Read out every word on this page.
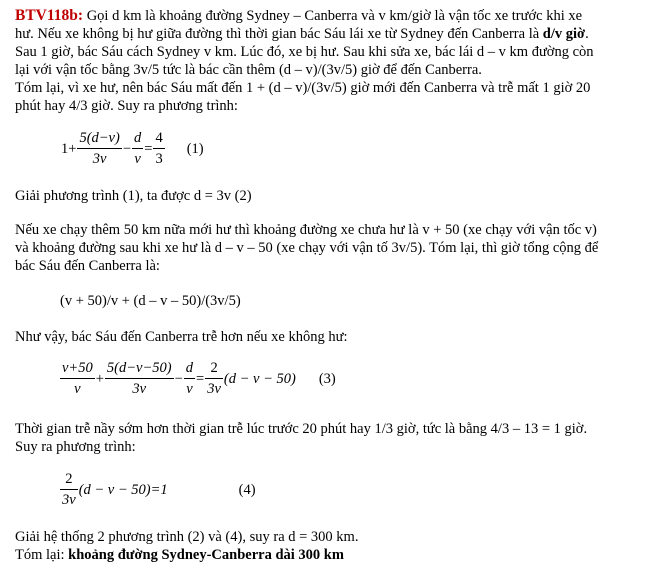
BTV118b: Gọi d km là khoảng đường Sydney – Canberra và v km/giờ là vận tốc xe trước khi xe
hư. Nếu xe không bị hư giữa đường thì thời gian bác Sáu lái xe từ Sydney đến Canberra là d/v giờ.
Sau 1 giờ, bác Sáu cách Sydney v km. Lúc đó, xe bị hư. Sau khi sửa xe, bác lái d – v km đường còn
lại với vận tốc bằng 3v/5 tức là bác cần thêm (d – v)/(3v/5) giờ để đến Canberra.
Tóm lại, vì xe hư, nên bác Sáu mất đến 1 + (d – v)/(3v/5) giờ mới đến Canberra và trễ mất 1 giờ 20
phút hay 4/3 giờ. Suy ra phương trình:
$1+ \frac{5(d-v)}{3v} - \frac{d}{v} = \frac{4}{3} (1)$
Giải phương trình (1), ta được d = 3v (2)
Nếu xe chạy thêm 50 km nữa mới hư thì khoảng đường xe chưa hư là v + 50 (xe chạy với vận tốc v)
và khoảng đường sau khi xe hư là d – v – 50 (xe chạy với vận tố 3v/5). Tóm lại, thì giờ tổng cộng để
bác Sáu đến Canberra là:
(v + 50)/v + (d – v – 50)/(3v/5)
Như vậy, bác Sáu đến Canberra trễ hơn nếu xe không hư:
$\frac{v+50}{v} + \frac{5(d-v-50)}{3v} - \frac{d}{v} = \frac{2}{3v} (d - v - 50)$ (3)
Thời gian trễ nầy sớm hơn thời gian trễ lúc trước 20 phút hay 1/3 giờ, tức là bằng 4/3 – 13 = 1 giờ.
Suy ra phương trình:
$\frac{2}{3v} (d - v - 50)=1$	(4)
Giải hệ thống 2 phương trình (2) và (4), suy ra d = 300 km.
Tóm lại: khoảng đường Sydney-Canberra dài 300 km
